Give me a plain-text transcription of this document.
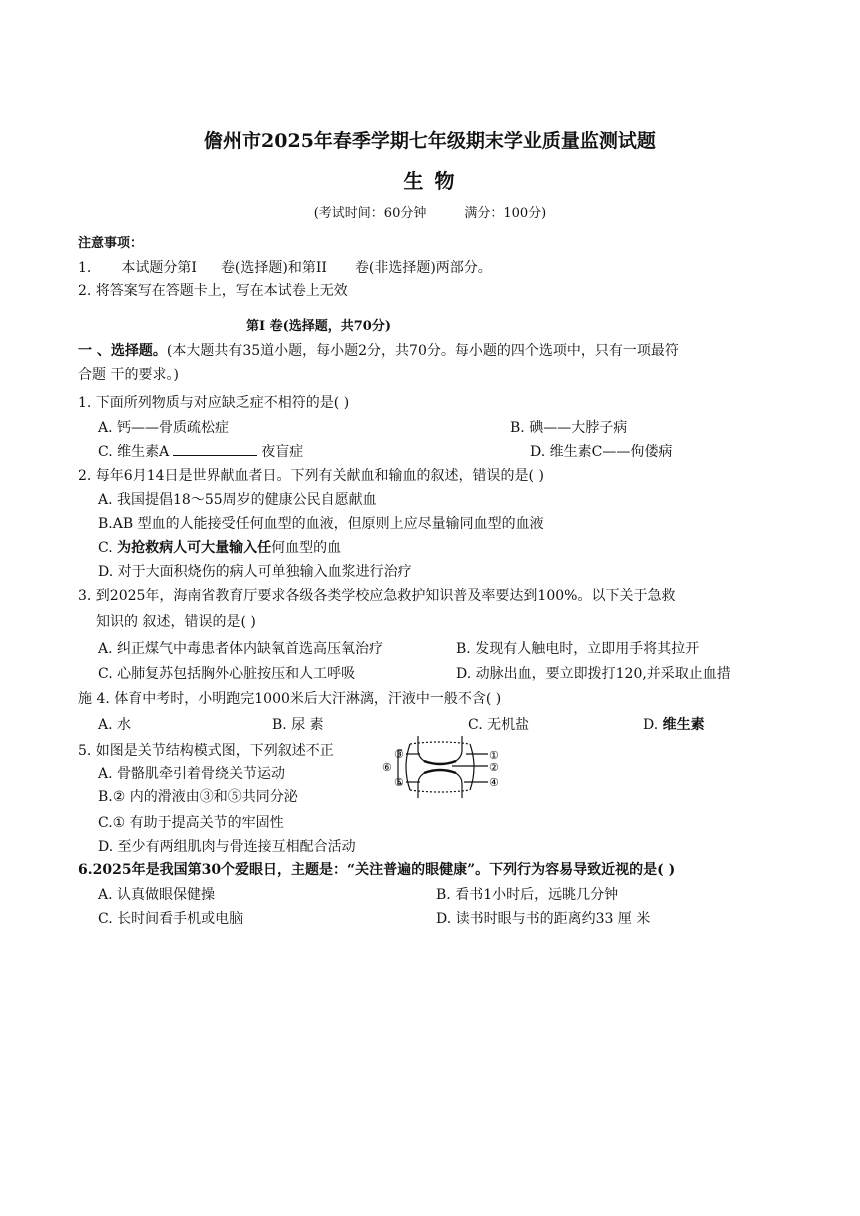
儋州市2025年春季学期七年级期末学业质量监测试题
生 物
(考试时间：60分钟	满分：100分)
注意事项：
1. 本试题分第I 卷(选择题)和第II 卷(非选择题)两部分。
2. 将答案写在答题卡上，写在本试卷上无效
第I 卷(选择题，共70分)
一 、选择题。(本大题共有35道小题，每小题2分，共70分。每小题的四个选项中，只有一项最符
合题 干的要求。)
1. 下面所列物质与对应缺乏症不相符的是( )
A. 钙——骨质疏松症	B. 碘——大脖子病
C. 维生素A	夜盲症	D. 维生素C——佝偻病
2. 每年6月14日是世界献血者日。下列有关献血和输血的叙述，错误的是( )
A. 我国提倡18～55周岁的健康公民自愿献血
B.AB 型血的人能接受任何血型的血液，但原则上应尽量输同血型的血液
C. 为抢救病人可大量输入任何血型的血
D. 对于大面积烧伤的病人可单独输入血浆进行治疗
3. 到2025年，海南省教育厅要求各级各类学校应急救护知识普及率要达到100%。以下关于急救
知识的 叙述，错误的是( )
A. 纠正煤气中毒患者体内缺氧首选高压氧治疗	B. 发现有人触电时，立即用手将其拉开
C. 心肺复苏包括胸外心脏按压和人工呼吸	D. 动脉出血，要立即拨打120,并采取止血措
施 4. 体育中考时，小明跑完1000米后大汗淋漓，汗液中一般不含( )
A. 水	B. 尿 素	C. 无机盐	D. 维生素
5. 如图是关节结构模式图，下列叙述不正
A. 骨骼肌牵引着骨绕关节运动
B.② 内的滑液由③和⑤共同分泌
C.① 有助于提高关节的牢固性
D. 至少有两组肌肉与骨连接互相配合活动
①
②
③
④
⑤
⑥
6.2025年是我国第30个爱眼日，主题是：“关注普遍的眼健康”。下列行为容易导致近视的是( )
A. 认真做眼保健操	B. 看书1小时后，远眺几分钟
C. 长时间看手机或电脑	D. 读书时眼与书的距离约33 厘 米
